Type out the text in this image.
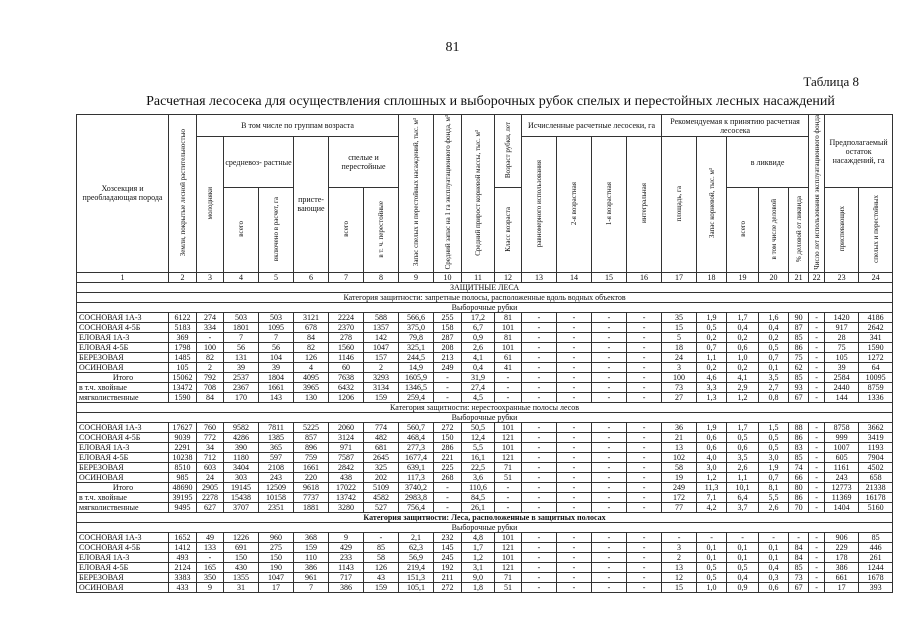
81
Таблица 8
Расчетная лесосека для осуществления сплошных и выборочных рубок спелых и перестойных лесных насаждений
Хозсекция и преобладающая порода	Земли, покрытые лесной растительностью	В том числе по группам возраста						Запас спелых и перестойных насаждений, тыс. м³	Средний запас на 1 га эксплуатационного фонда, м³	Средний прирост корневой массы, тыс. м³	Возраст рубки, лет	Исчисленные расчетные лесосеки, га				Рекомендуемая к принятию расчетная лесосека					Число лет использования эксплуатационного фонда	Предполагаемый остаток насаждений, га	
		молодняки	средневоз- растные		присте- вающие	спелые и перестойные						равномерного использования	2-я возрастная	1-я возрастная	интегральная	площадь, га	Запас корневой, тыс. м³	в ликвиде					
			всего	включено в расчет, га		всего	в т. ч. перестойные				Класс возраста							всего	в том числе деловой	% деловой от ликвида		приспевающих	спелых и перестойных

1	2	3	4	5	6	7	8	9	10	11	12	13	14	15	16	17	18	19	20	21	22	23	24
ЗАЩИТНЫЕ ЛЕСА																							
Категория защитности: запретные полосы, расположенные вдоль водных объектов																							
Выборочные рубки																							
СОСНОВАЯ 1А-3	6122	274	503	503	3121	2224	588	566,6	255	17,2	81	-	-	-	-	35	1,9	1,7	1,6	90	-	1420	4186
СОСНОВАЯ 4-5Б	5183	334	1801	1095	678	2370	1357	375,0	158	6,7	101	-	-	-	-	15	0,5	0,4	0,4	87	-	917	2642
ЕЛОВАЯ 1А-3	369	-	7	7	84	278	142	79,8	287	0,9	81	-	-	-	-	5	0,2	0,2	0,2	85	-	28	341
ЕЛОВАЯ 4-5Б	1798	100	56	56	82	1560	1047	325,1	208	2,6	101	-	-	-	-	18	0,7	0,6	0,5	86	-	75	1590
БЕРЕЗОВАЯ	1485	82	131	104	126	1146	157	244,5	213	4,1	61	-	-	-	-	24	1,1	1,0	0,7	75	-	105	1272
ОСИНОВАЯ	105	2	39	39	4	60	2	14,9	249	0,4	41	-	-	-	-	3	0,2	0,2	0,1	62	-	39	64
Итого	15062	792	2537	1804	4095	7638	3293	1605,9	-	31,9	-	-	-	-	-	100	4,6	4,1	3,5	85	-	2584	10095
в т.ч. хвойные	13472	708	2367	1661	3965	6432	3134	1346,5	-	27,4	-	-	-	-	-	73	3,3	2,9	2,7	93	-	2440	8759
мягколиственные	1590	84	170	143	130	1206	159	259,4	-	4,5	-	-	-	-	-	27	1,3	1,2	0,8	67	-	144	1336
Категория защитности: нерестоохранные полосы лесов																							
Выборочные рубки																							
СОСНОВАЯ 1А-3	17627	760	9582	7811	5225	2060	774	560,7	272	50,5	101	-	-	-	-	36	1,9	1,7	1,5	88	-	8758	3662
СОСНОВАЯ 4-5Б	9039	772	4286	1385	857	3124	482	468,4	150	12,4	121	-	-	-	-	21	0,6	0,5	0,5	86	-	999	3419
ЕЛОВАЯ 1А-3	2291	34	390	365	896	971	681	277,3	286	5,5	101	-	-	-	-	13	0,6	0,6	0,5	83	-	1007	1193
ЕЛОВАЯ 4-5Б	10238	712	1180	597	759	7587	2645	1677,4	221	16,1	121	-	-	-	-	102	4,0	3,5	3,0	85	-	605	7904
БЕРЕЗОВАЯ	8510	603	3404	2108	1661	2842	325	639,1	225	22,5	71	-	-	-	-	58	3,0	2,6	1,9	74	-	1161	4502
ОСИНОВАЯ	985	24	303	243	220	438	202	117,3	268	3,6	51	-	-	-	-	19	1,2	1,1	0,7	66	-	243	658
Итого	48690	2905	19145	12509	9618	17022	5109	3740,2	-	110,6	-	-	-	-	-	249	11,3	10,1	8,1	80	-	12773	21338
в т.ч. хвойные	39195	2278	15438	10158	7737	13742	4582	2983,8	-	84,5	-	-	-	-	-	172	7,1	6,4	5,5	86	-	11369	16178
мягколиственные	9495	627	3707	2351	1881	3280	527	756,4	-	26,1	-	-	-	-	-	77	4,2	3,7	2,6	70	-	1404	5160
Категория защитности: Леса, расположенные в защитных полосах																							
Выборочные рубки																							
СОСНОВАЯ 1А-3	1652	49	1226	960	368	9	-	2,1	232	4,8	101	-	-	-	-	-	-	-	-	-	-	906	85
СОСНОВАЯ 4-5Б	1412	133	691	275	159	429	85	62,3	145	1,7	121	-	-	-	-	3	0,1	0,1	0,1	84	-	229	446
ЕЛОВАЯ 1А-3	493	-	150	150	110	233	58	56,9	245	1,2	101	-	-	-	-	2	0,1	0,1	0,1	84	-	178	261
ЕЛОВАЯ 4-5Б	2124	165	430	190	386	1143	126	219,4	192	3,1	121	-	-	-	-	13	0,5	0,5	0,4	85	-	386	1244
БЕРЕЗОВАЯ	3383	350	1355	1047	961	717	43	151,3	211	9,0	71	-	-	-	-	12	0,5	0,4	0,3	73	-	661	1678
ОСИНОВАЯ	433	9	31	17	7	386	159	105,1	272	1,8	51	-	-	-	-	15	1,0	0,9	0,6	67	-	17	393
